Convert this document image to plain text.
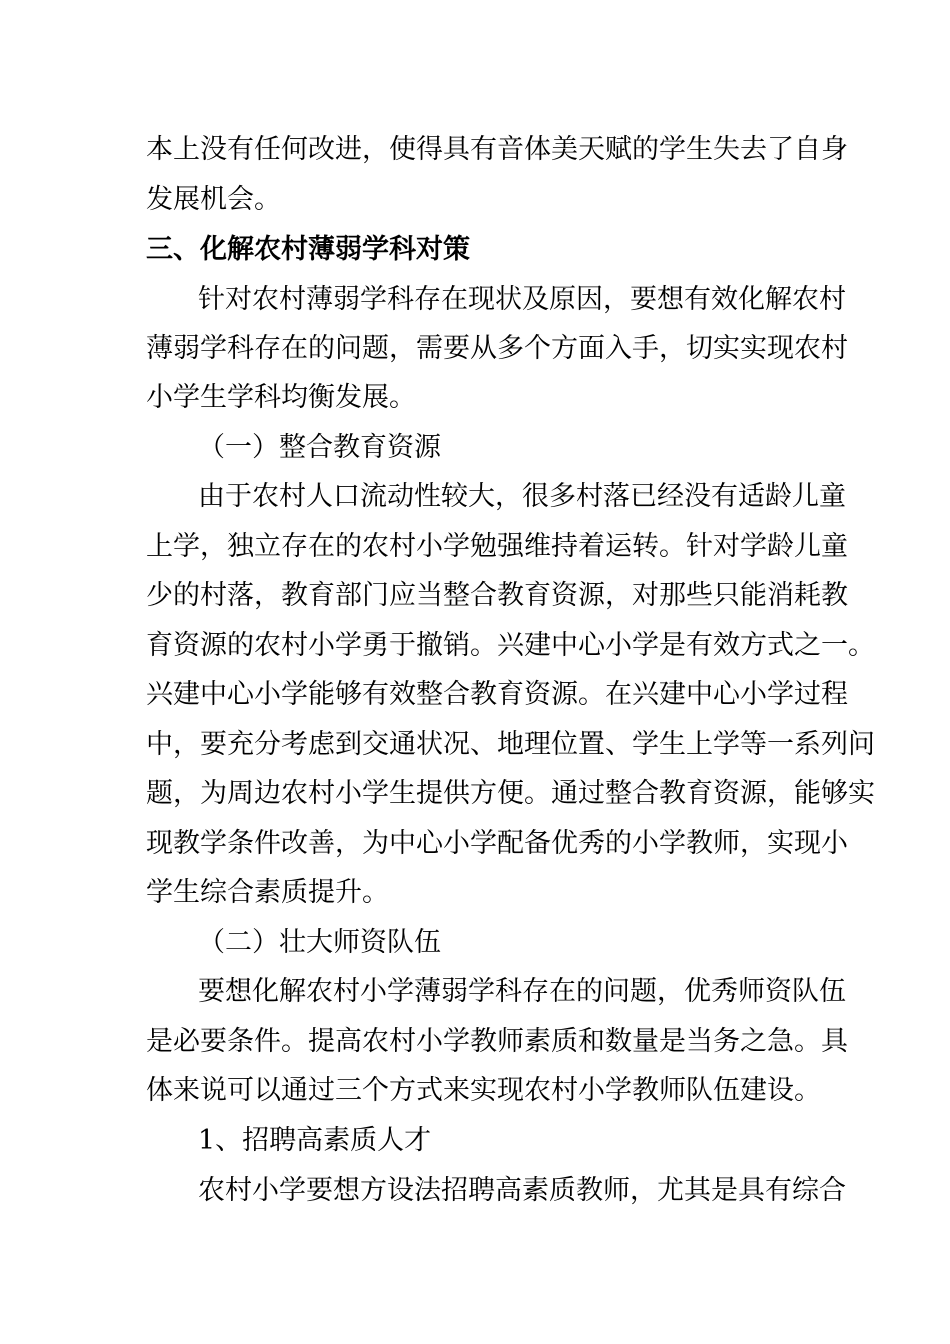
本上没有任何改进，使得具有音体美天赋的学生失去了自身
发展机会。
三、化解农村薄弱学科对策
针对农村薄弱学科存在现状及原因，要想有效化解农村
薄弱学科存在的问题，需要从多个方面入手，切实实现农村
小学生学科均衡发展。
（一）整合教育资源
由于农村人口流动性较大，很多村落已经没有适龄儿童
上学，独立存在的农村小学勉强维持着运转。针对学龄儿童
少的村落，教育部门应当整合教育资源，对那些只能消耗教
育资源的农村小学勇于撤销。兴建中心小学是有效方式之一。
兴建中心小学能够有效整合教育资源。在兴建中心小学过程
中，要充分考虑到交通状况、地理位置、学生上学等一系列问
题，为周边农村小学生提供方便。通过整合教育资源，能够实
现教学条件改善，为中心小学配备优秀的小学教师，实现小
学生综合素质提升。
（二）壮大师资队伍
要想化解农村小学薄弱学科存在的问题，优秀师资队伍
是必要条件。提高农村小学教师素质和数量是当务之急。具
体来说可以通过三个方式来实现农村小学教师队伍建设。
1、招聘高素质人才
农村小学要想方设法招聘高素质教师，尤其是具有综合
